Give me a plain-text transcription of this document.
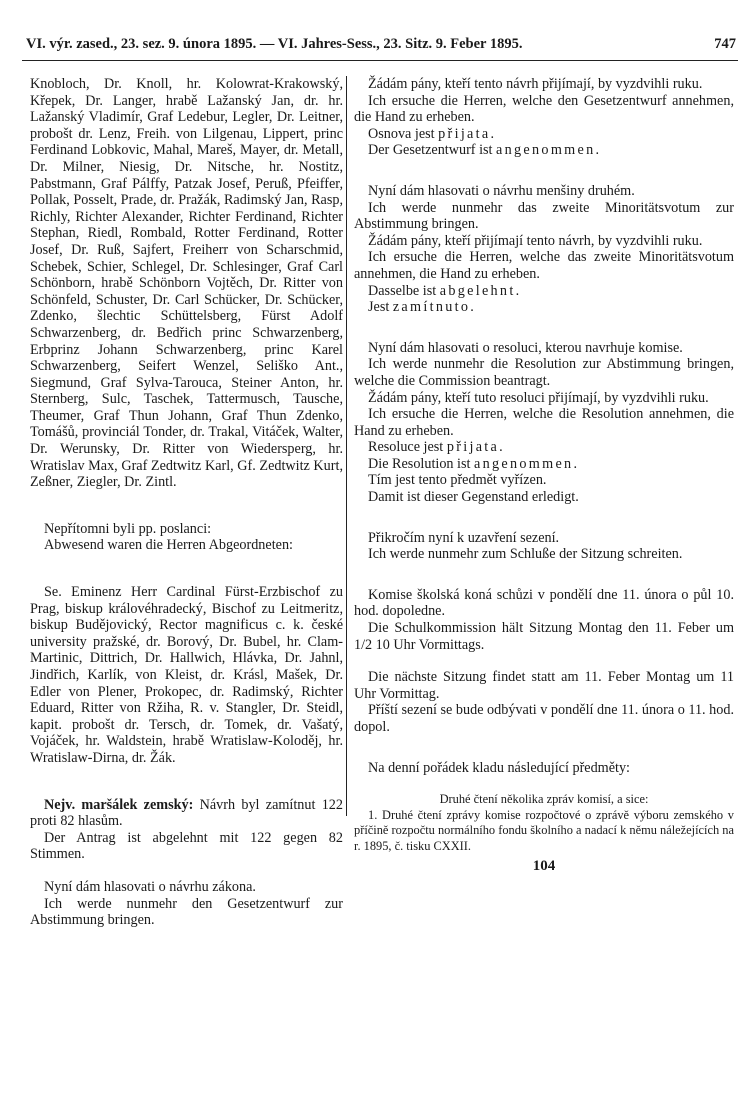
VI. výr. zased., 23. sez. 9. února 1895. — VI. Jahres-Sess., 23. Sitz. 9. Feber 1895.	747

Knobloch, Dr. Knoll, hr. Kolowrat-Krakowský, Křepek, Dr. Langer, hrabě Lažanský Jan, dr. hr. Lažanský Vladimír, Graf Ledebur, Legler, Dr. Leitner, probošt dr. Lenz, Freih. von Lilgenau, Lippert, princ Ferdinand Lobkovic, Mahal, Mareš, Mayer, dr. Metall, Dr. Milner, Niesig, Dr. Nitsche, hr. Nostitz, Pabstmann, Graf Pálffy, Patzak Josef, Peruß, Pfeiffer, Pollak, Posselt, Prade, dr. Pražák, Radimský Jan, Rasp, Richly, Richter Alexander, Richter Ferdinand, Richter Stephan, Riedl, Rombald, Rotter Ferdinand, Rotter Josef, Dr. Ruß, Sajfert, Freiherr von Scharschmid, Schebek, Schier, Schlegel, Dr. Schlesinger, Graf Carl Schönborn, hrabě Schönborn Vojtěch, Dr. Ritter von Schönfeld, Schuster, Dr. Carl Schücker, Dr. Schücker, Zdenko, šlechtic Schüttelsberg, Fürst Adolf Schwarzenberg, dr. Bedřich princ Schwarzenberg, Erbprinz Johann Schwarzenberg, princ Karel Schwarzenberg, Seifert Wenzel, Seliško Ant., Siegmund, Graf Sylva-Tarouca, Steiner Anton, hr. Sternberg, Sulc, Taschek, Tattermusch, Tausche, Theumer, Graf Thun Johann, Graf Thun Zdenko, Tomášů, provinciál Tonder, dr. Trakal, Vitáček, Walter, Dr. Werunsky, Dr. Ritter von Wiedersperg, hr. Wratislav Max, Graf Zedtwitz Karl, Gf. Zedtwitz Kurt, Zeßner, Ziegler, Dr. Zintl.

Nepřítomni byli pp. poslanci:

Abwesend waren die Herren Abgeordneten:

Se. Eminenz Herr Cardinal Fürst-Erzbischof zu Prag, biskup královéhradecký, Bischof zu Leitmeritz, biskup Budějovický, Rector magnificus c. k. české university pražské, dr. Borový, Dr. Bubel, hr. Clam-Martinic, Dittrich, Dr. Hallwich, Hlávka, Dr. Jahnl, Jindřich, Karlík, von Kleist, dr. Krásl, Mašek, Dr. Edler von Plener, Prokopec, dr. Radimský, Richter Eduard, Ritter von Ržiha, R. v. Stangler, Dr. Steidl, kapit. probošt dr. Tersch, dr. Tomek, dr. Vašatý, Vojáček, hr. Waldstein, hrabě Wratislaw-Koloděj, hr. Wratislaw-Dirna, dr. Žák.

Nejv. maršálek zemský: Návrh byl zamítnut 122 proti 82 hlasům.

Der Antrag ist abgelehnt mit 122 gegen 82 Stimmen.

Nyní dám hlasovati o návrhu zákona.

Ich werde nunmehr den Gesetzentwurf zur Abstimmung bringen.

Žádám pány, kteří tento návrh přijímají, by vyzdvihli ruku.

Ich ersuche die Herren, welche den Gesetzentwurf annehmen, die Hand zu erheben.

Osnova jest přijata.

Der Gesetzentwurf ist angenommen.

Nyní dám hlasovati o návrhu menšiny druhém.

Ich werde nunmehr das zweite Minoritätsvotum zur Abstimmung bringen.

Žádám pány, kteří přijímají tento návrh, by vyzdvihli ruku.

Ich ersuche die Herren, welche das zweite Minoritätsvotum annehmen, die Hand zu erheben.

Dasselbe ist abgelehnt.

Jest zamítnuto.

Nyní dám hlasovati o resoluci, kterou navrhuje komise.

Ich werde nunmehr die Resolution zur Abstimmung bringen, welche die Commission beantragt.

Žádám pány, kteří tuto resoluci přijímají, by vyzdvihli ruku.

Ich ersuche die Herren, welche die Resolution annehmen, die Hand zu erheben.

Resoluce jest přijata.

Die Resolution ist angenommen.

Tím jest tento předmět vyřízen.

Damit ist dieser Gegenstand erledigt.

Přikročím nyní k uzavření sezení.

Ich werde nunmehr zum Schluße der Sitzung schreiten.

Komise školská koná schůzi v pondělí dne 11. února o půl 10. hod. dopoledne.

Die Schulkommission hält Sitzung Montag den 11. Feber um 1/2 10 Uhr Vormittags.

Die nächste Sitzung findet statt am 11. Feber Montag um 11 Uhr Vormittag.

Příští sezení se bude odbývati v pondělí dne 11. února o 11. hod. dopol.

Na denní pořádek kladu následující předměty:

Druhé čtení několika zpráv komisí, a sice:

1. Druhé čtení zprávy komise rozpočtové o zprávě výboru zemského v příčině rozpočtu normálního fondu školního a nadací k němu náležejících na r. 1895, č. tisku CXXII.

104
